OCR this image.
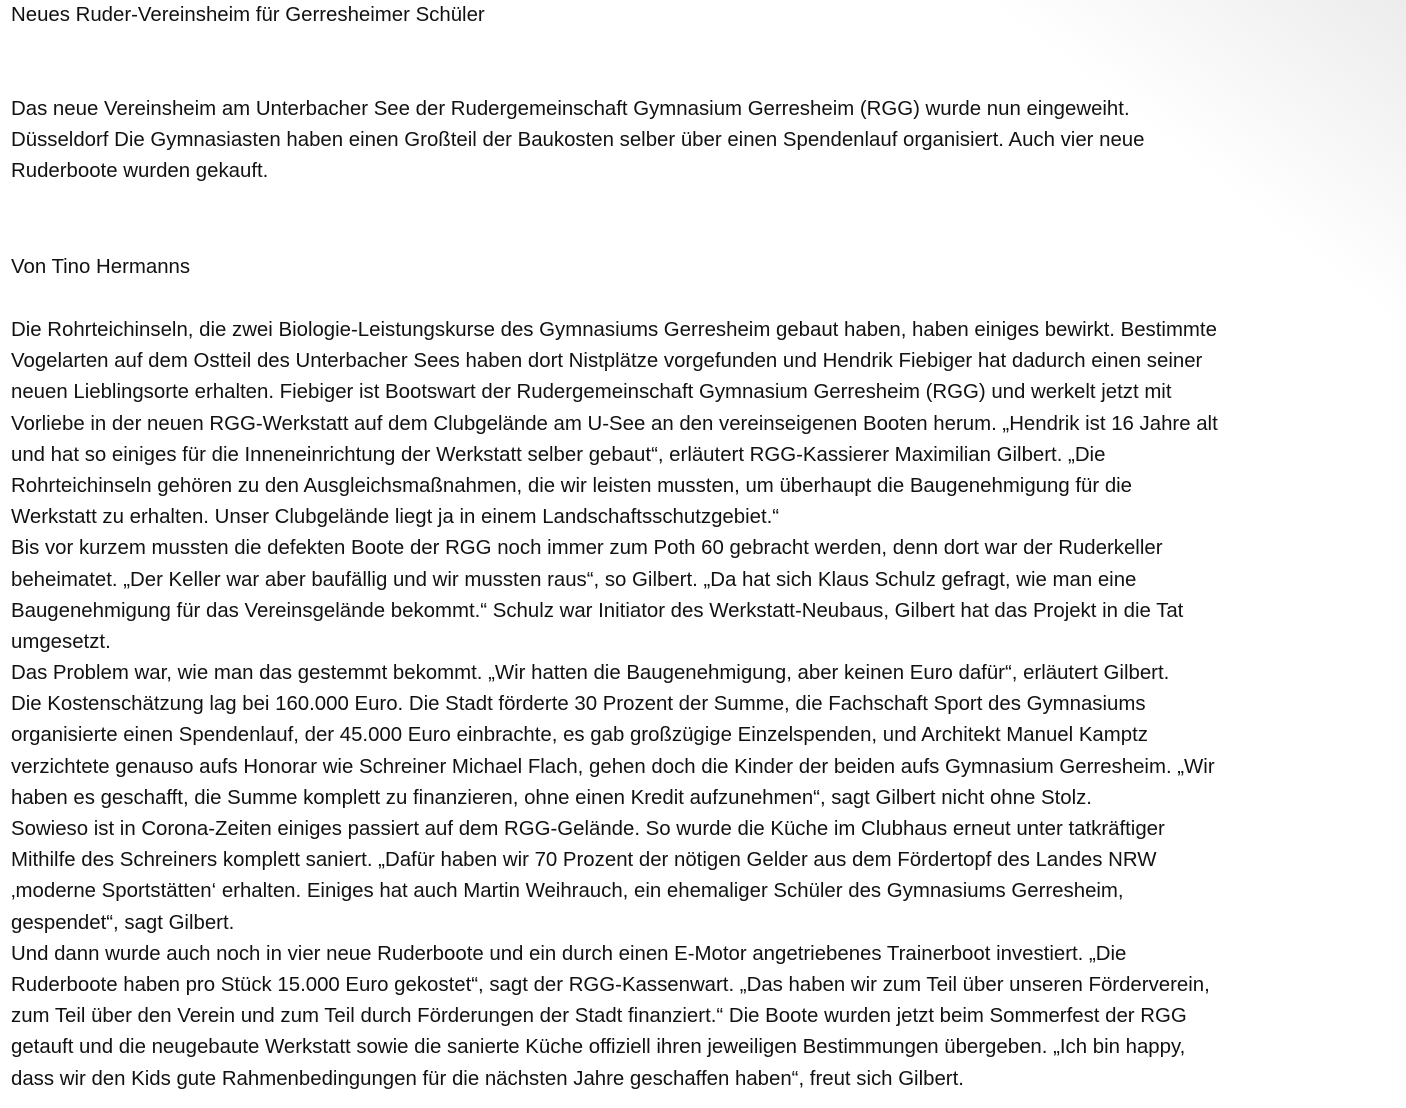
Neues Ruder-Vereinsheim für Gerresheimer Schüler
Das neue Vereinsheim am Unterbacher See der Rudergemeinschaft Gymnasium Gerresheim (RGG) wurde nun eingeweiht.
Düsseldorf Die Gymnasiasten haben einen Großteil der Baukosten selber über einen Spendenlauf organisiert. Auch vier neue
Ruderboote wurden gekauft.
Von Tino Hermanns
Die Rohrteichinseln, die zwei Biologie-Leistungskurse des Gymnasiums Gerresheim gebaut haben, haben einiges bewirkt. Bestimmte
Vogelarten auf dem Ostteil des Unterbacher Sees haben dort Nistplätze vorgefunden und Hendrik Fiebiger hat dadurch einen seiner
neuen Lieblingsorte erhalten. Fiebiger ist Bootswart der Rudergemeinschaft Gymnasium Gerresheim (RGG) und werkelt jetzt mit
Vorliebe in der neuen RGG-Werkstatt auf dem Clubgelände am U-See an den vereinseigenen Booten herum. „Hendrik ist 16 Jahre alt
und hat so einiges für die Inneneinrichtung der Werkstatt selber gebaut“, erläutert RGG-Kassierer Maximilian Gilbert. „Die
Rohrteichinseln gehören zu den Ausgleichsmaßnahmen, die wir leisten mussten, um überhaupt die Baugenehmigung für die
Werkstatt zu erhalten. Unser Clubgelände liegt ja in einem Landschaftsschutzgebiet.“
Bis vor kurzem mussten die defekten Boote der RGG noch immer zum Poth 60 gebracht werden, denn dort war der Ruderkeller
beheimatet. „Der Keller war aber baufällig und wir mussten raus“, so Gilbert. „Da hat sich Klaus Schulz gefragt, wie man eine
Baugenehmigung für das Vereinsgelände bekommt.“ Schulz war Initiator des Werkstatt-Neubaus, Gilbert hat das Projekt in die Tat
umgesetzt.
Das Problem war, wie man das gestemmt bekommt. „Wir hatten die Baugenehmigung, aber keinen Euro dafür“, erläutert Gilbert.
Die Kostenschätzung lag bei 160.000 Euro. Die Stadt förderte 30 Prozent der Summe, die Fachschaft Sport des Gymnasiums
organisierte einen Spendenlauf, der 45.000 Euro einbrachte, es gab großzügige Einzelspenden, und Architekt Manuel Kamptz
verzichtete genauso aufs Honorar wie Schreiner Michael Flach, gehen doch die Kinder der beiden aufs Gymnasium Gerresheim. „Wir
haben es geschafft, die Summe komplett zu finanzieren, ohne einen Kredit aufzunehmen“, sagt Gilbert nicht ohne Stolz.
Sowieso ist in Corona-Zeiten einiges passiert auf dem RGG-Gelände. So wurde die Küche im Clubhaus erneut unter tatkräftiger
Mithilfe des Schreiners komplett saniert. „Dafür haben wir 70 Prozent der nötigen Gelder aus dem Fördertopf des Landes NRW
‚moderne Sportstätten‘ erhalten. Einiges hat auch Martin Weihrauch, ein ehemaliger Schüler des Gymnasiums Gerresheim,
gespendet“, sagt Gilbert.
Und dann wurde auch noch in vier neue Ruderboote und ein durch einen E-Motor angetriebenes Trainerboot investiert. „Die
Ruderboote haben pro Stück 15.000 Euro gekostet“, sagt der RGG-Kassenwart. „Das haben wir zum Teil über unseren Förderverein,
zum Teil über den Verein und zum Teil durch Förderungen der Stadt finanziert.“ Die Boote wurden jetzt beim Sommerfest der RGG
getauft und die neugebaute Werkstatt sowie die sanierte Küche offiziell ihren jeweiligen Bestimmungen übergeben. „Ich bin happy,
dass wir den Kids gute Rahmenbedingungen für die nächsten Jahre geschaffen haben“, freut sich Gilbert.
